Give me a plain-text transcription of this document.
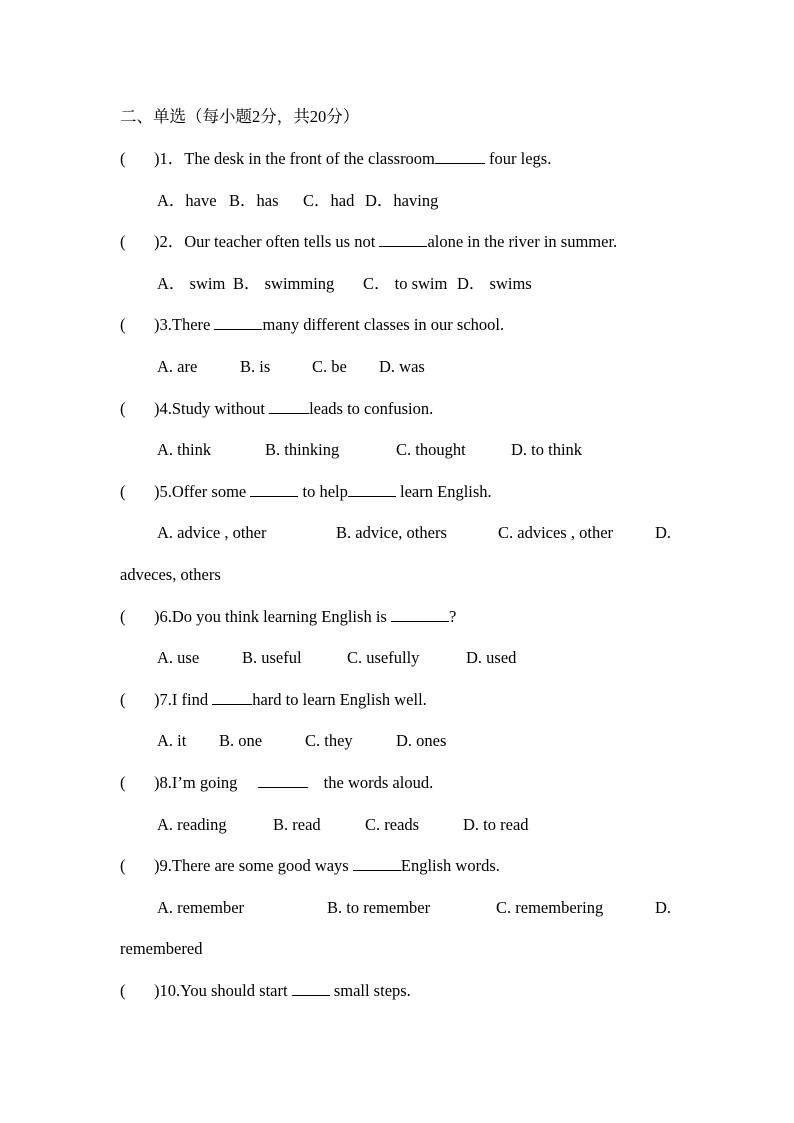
二、单选（每小题2分，共20分）
( )1．The desk in the front of the classroom	four legs.
A．have B．has C．had D．having
( )2．Our teacher often tells us not	alone in the river in summer.
A． swim B． swimming C． to swim D． swims
( )3.There	many different classes in our school.
A. are	B. is	C. be D. was
( )4.Study without leads to confusion.
A. think	B. thinking	C. thought	D. to think
( )5.Offer some	to help	learn English.
A. advice , other	B. advice, others	C. advices , other	D.
adveces, others
( )6.Do you think learning English is	?
A. use	B. useful	C. usefully	D. used
( )7.I find hard to learn English well.
A. it B. one	C. they	D. ones
( )8.I’m going	the words aloud.
A. reading	B. read	C. reads	D. to read
( )9.There are some good ways	English words.
A. remember	B. to remember	C. remembering	D.
remembered
( )10.You should start  small steps.
